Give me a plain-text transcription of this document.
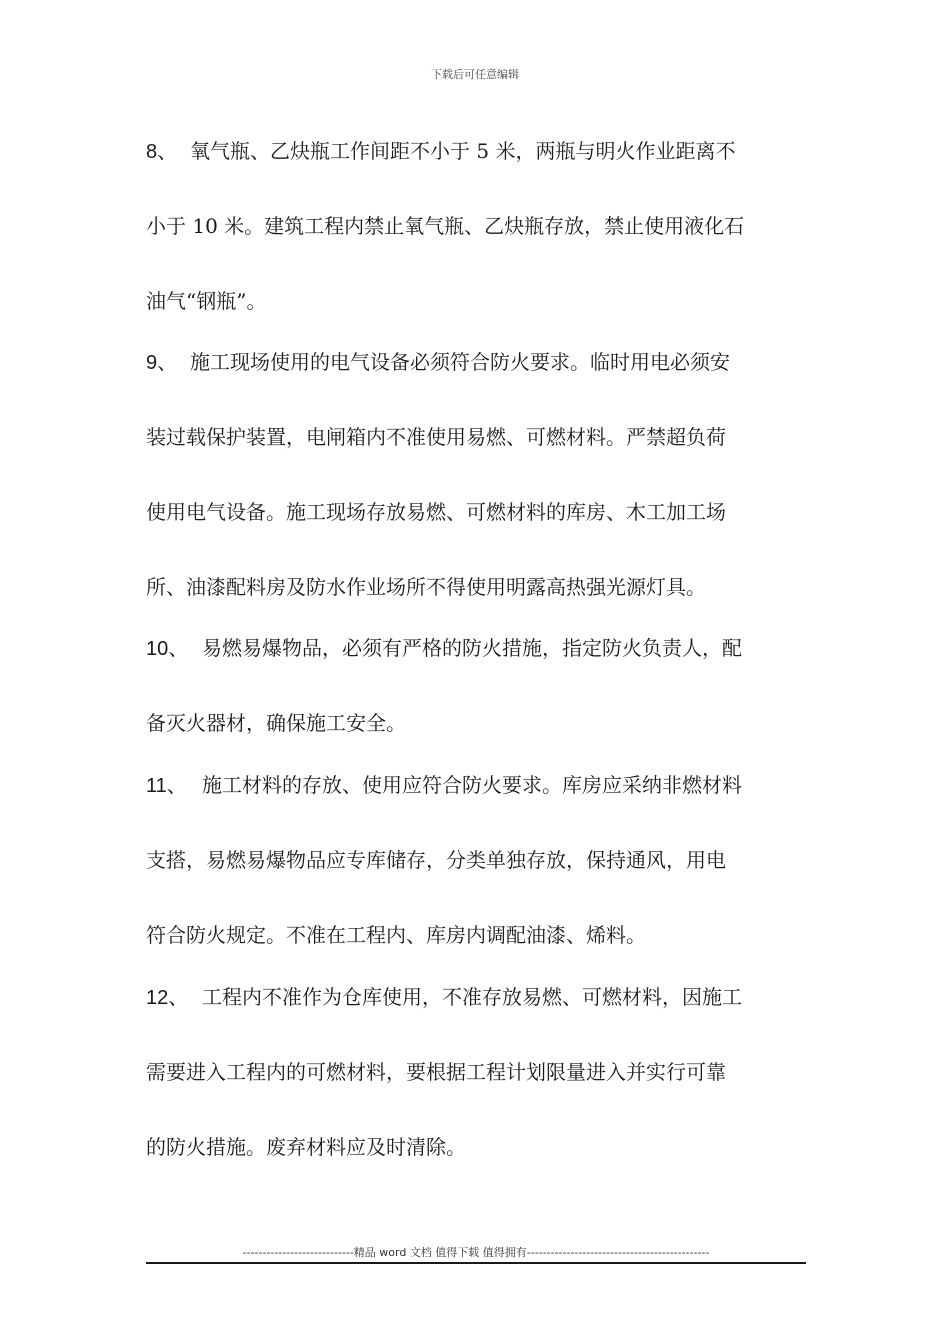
下载后可任意编辑
8、 氧气瓶、乙炔瓶工作间距不小于 5 米，两瓶与明火作业距离不
小于 10 米。建筑工程内禁止氧气瓶、乙炔瓶存放，禁止使用液化石
油气“钢瓶”。
9、 施工现场使用的电气设备必须符合防火要求。临时用电必须安
装过载保护装置，电闸箱内不准使用易燃、可燃材料。严禁超负荷
使用电气设备。施工现场存放易燃、可燃材料的库房、木工加工场
所、油漆配料房及防水作业场所不得使用明露高热强光源灯具。
10、 易燃易爆物品，必须有严格的防火措施，指定防火负责人，配
备灭火器材，确保施工安全。
11、 施工材料的存放、使用应符合防火要求。库房应采纳非燃材料
支搭，易燃易爆物品应专库储存，分类单独存放，保持通风，用电
符合防火规定。不准在工程内、库房内调配油漆、烯料。
12、 工程内不准作为仓库使用，不准存放易燃、可燃材料，因施工
需要进入工程内的可燃材料，要根据工程计划限量进入并实行可靠
的防火措施。废弃材料应及时清除。
----------------------------精品 word 文档 值得下载 值得拥有----------------------------------------------
